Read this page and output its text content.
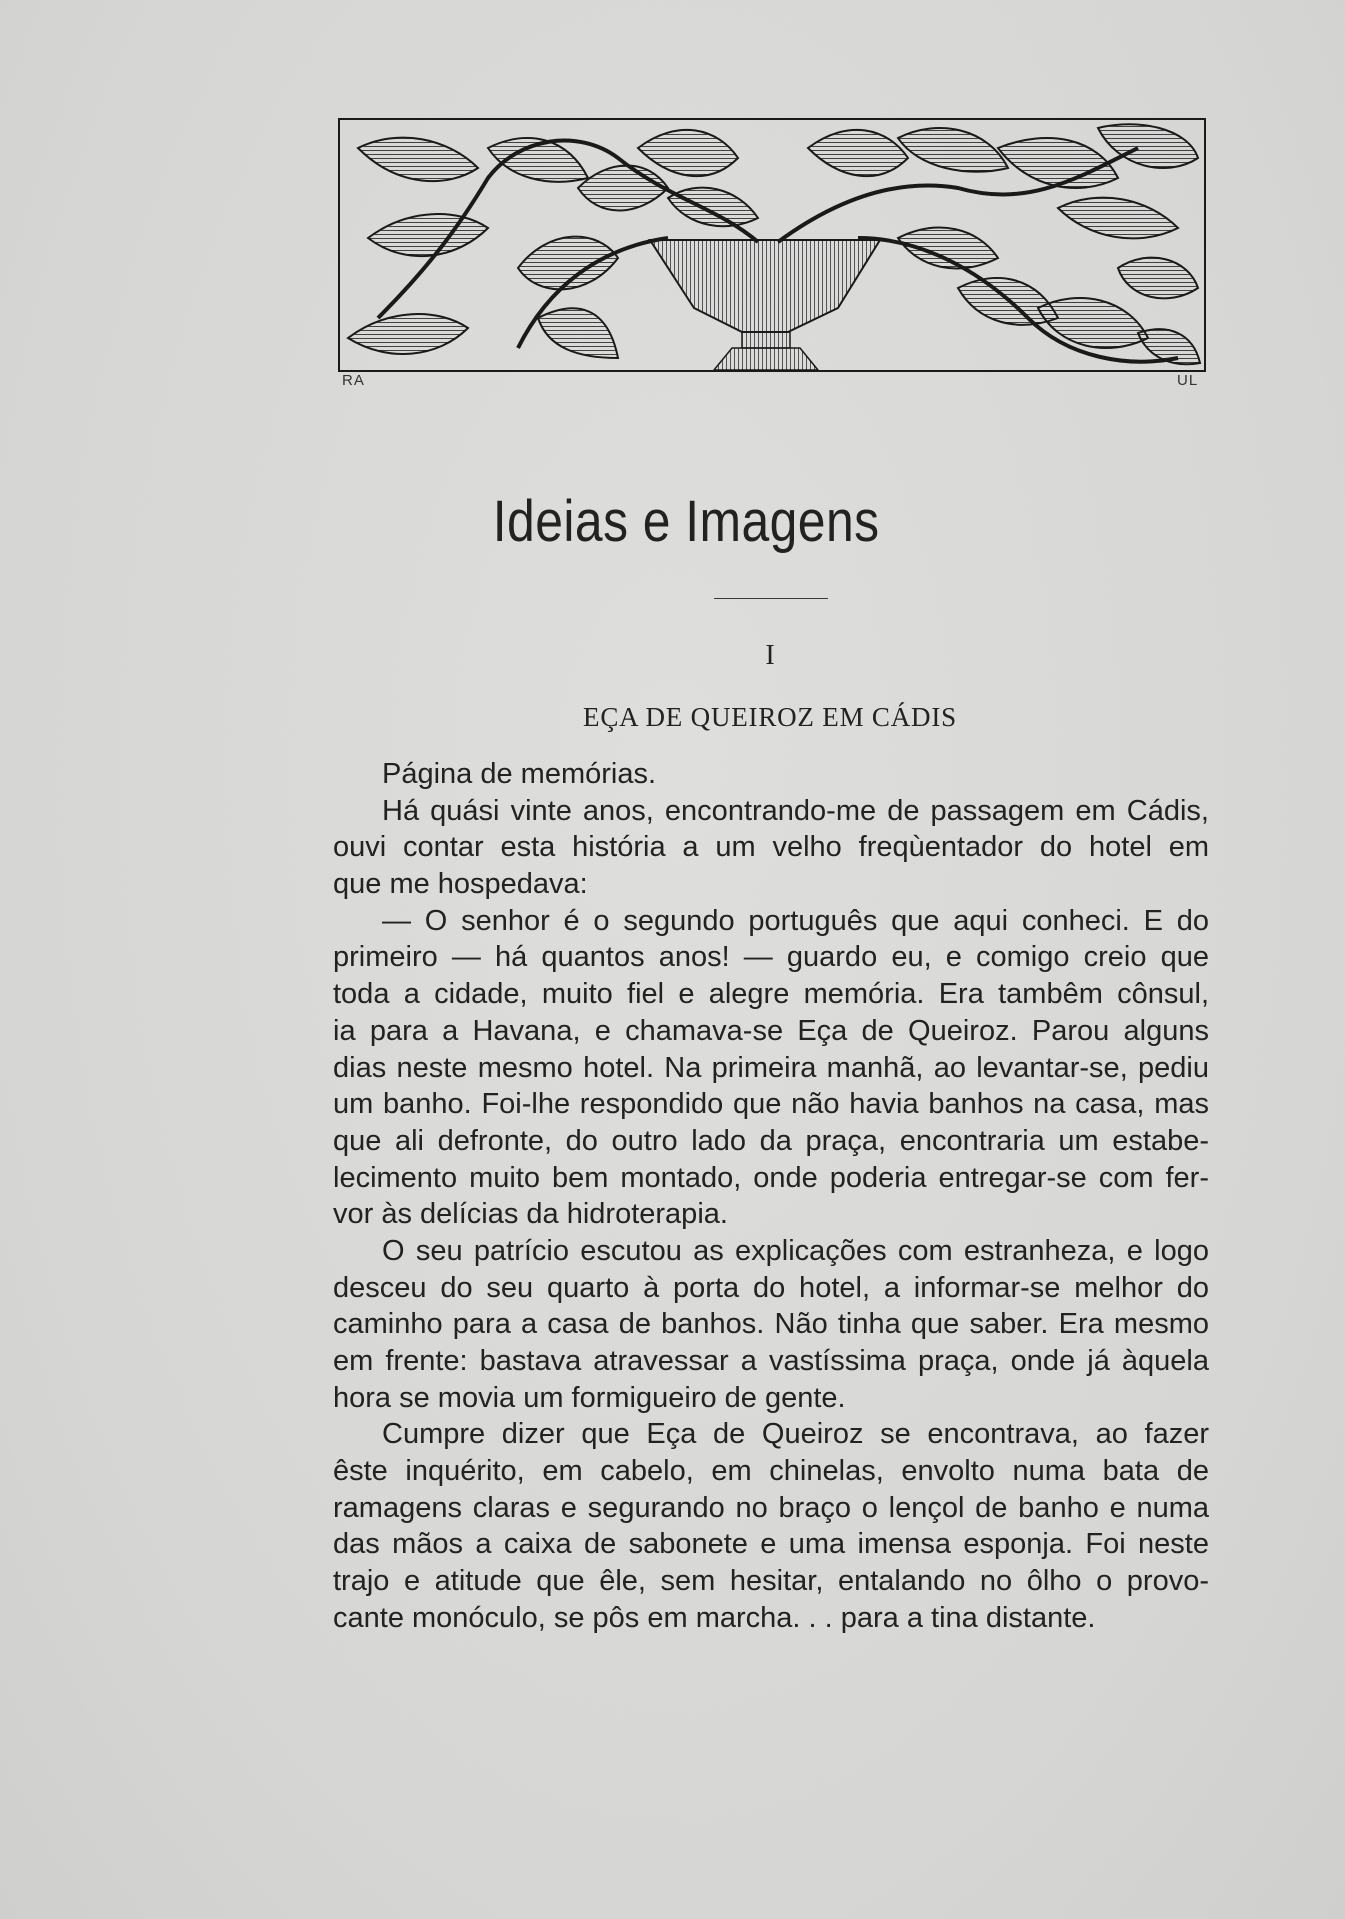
RA	UL
Ideias e Imagens
I
EÇA DE QUEIROZ EM CÁDIS
Página de memórias.
Há quási vinte anos, encontrando-me de passagem em Cádis,
ouvi contar esta história a um velho freqùentador do hotel em
que me hospedava:
— O senhor é o segundo português que aqui conheci. E do
primeiro — há quantos anos! — guardo eu, e comigo creio que
toda a cidade, muito fiel e alegre memória. Era tambêm cônsul,
ia para a Havana, e chamava-se Eça de Queiroz. Parou alguns
dias neste mesmo hotel. Na primeira manhã, ao levantar-se, pediu
um banho. Foi-lhe respondido que não havia banhos na casa, mas
que ali defronte, do outro lado da praça, encontraria um estabe-
lecimento muito bem montado, onde poderia entregar-se com fer-
vor às delícias da hidroterapia.
O seu patrício escutou as explicações com estranheza, e logo
desceu do seu quarto à porta do hotel, a informar-se melhor do
caminho para a casa de banhos. Não tinha que saber. Era mesmo
em frente: bastava atravessar a vastíssima praça, onde já àquela
hora se movia um formigueiro de gente.
Cumpre dizer que Eça de Queiroz se encontrava, ao fazer
êste inquérito, em cabelo, em chinelas, envolto numa bata de
ramagens claras e segurando no braço o lençol de banho e numa
das mãos a caixa de sabonete e uma imensa esponja. Foi neste
trajo e atitude que êle, sem hesitar, entalando no ôlho o provo-
cante monóculo, se pôs em marcha. . . para a tina distante.
